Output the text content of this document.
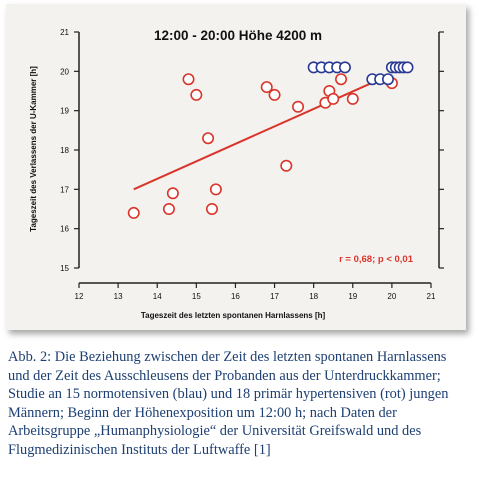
12:00 - 20:00 Höhe 4200 m
15
16
17
18
19
20
21
12	13	14	15	16	17	18	19	20	21
r = 0,68; p < 0,01
Tageszeit des letzten spontanen Harnlassens [h]
Tageszeit des Verlassens der U-Kammer [h]

Abb. 2: Die Beziehung zwischen der Zeit des letzten spontanen Harnlassens und der Zeit des Ausschleusens der Probanden aus der Unterdruckkammer; Studie an 15 normotensiven (blau) und 18 primär hypertensiven (rot) jungen Männern; Beginn der Höhenexposition um 12:00 h; nach Daten der Arbeitsgruppe „Humanphysiologie“ der Universität Greifswald und des Flugmedizinischen Instituts der Luftwaffe [1]
